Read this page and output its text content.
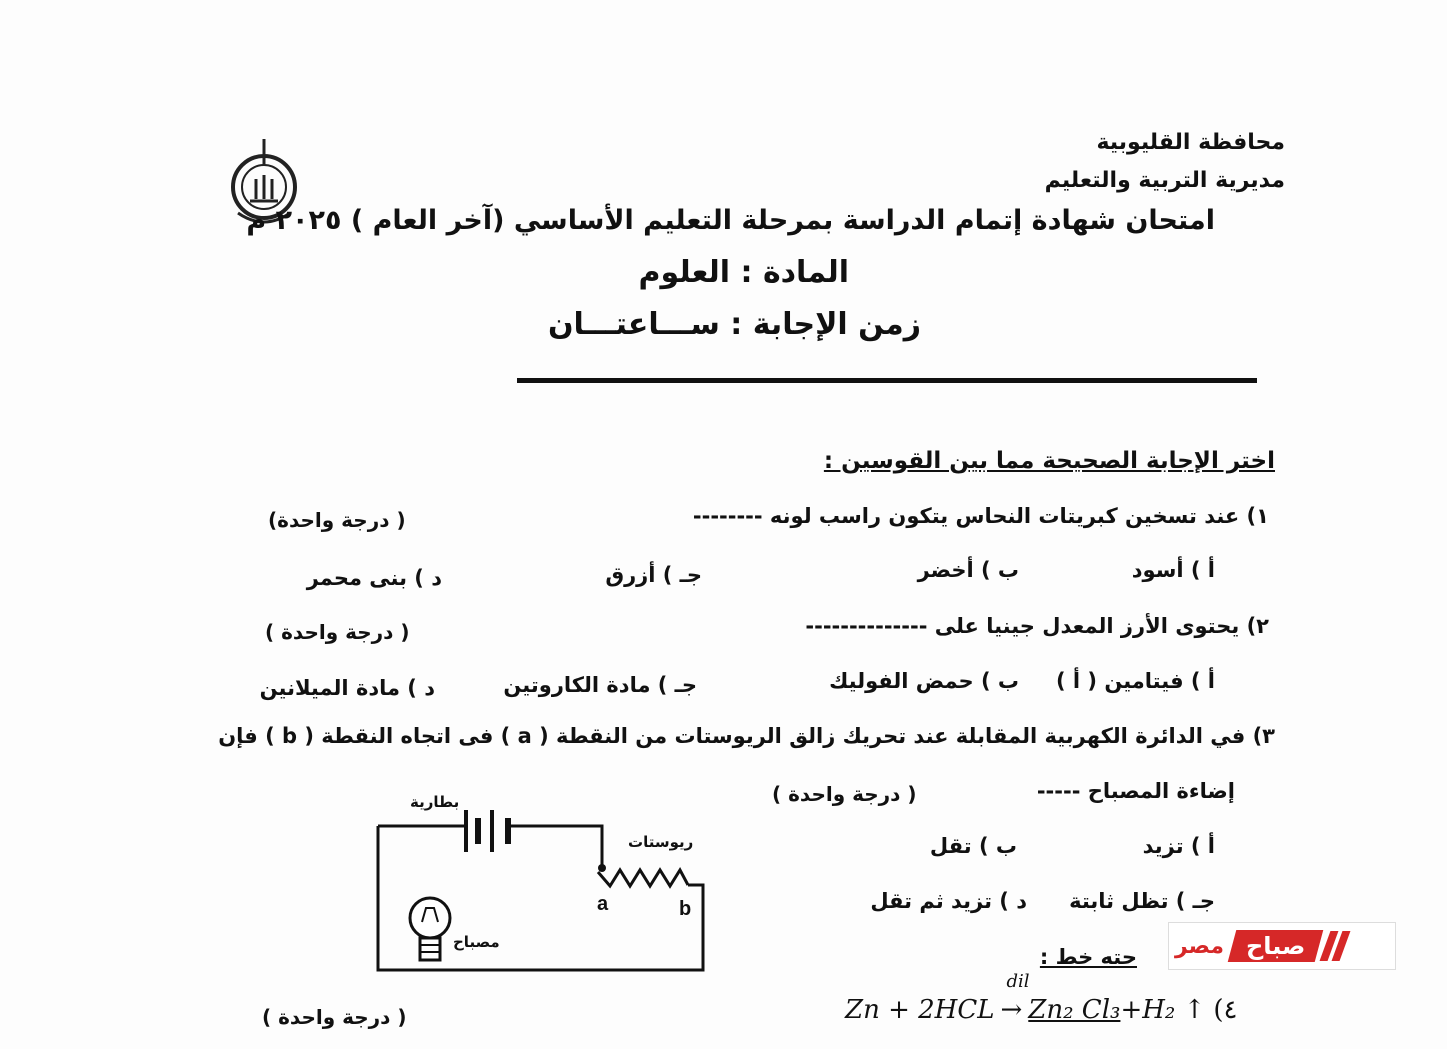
محافظة القليوبية
مديرية التربية والتعليم
امتحان شهادة إتمام الدراسة بمرحلة التعليم الأساسي (آخر العام ) ٢٠٢٥ م
المادة : العلوم
زمن الإجابة : ســـاعتـــان
اختر الإجابة الصحيحة مما بين القوسين :
١) عند تسخين كبريتات النحاس يتكون راسب لونه --------
( درجة واحدة)
أ ) أسود
ب ) أخضر
جـ ) أزرق
د ) بنى محمر
٢) يحتوى الأرز المعدل جينيا على --------------
( درجة واحدة )
أ ) فيتامين ( أ )
ب ) حمض الفوليك
جـ ) مادة الكاروتين
د ) مادة الميلانين
٣) في الدائرة الكهربية المقابلة عند تحريك زالق الريوستات من النقطة ( a ) فى اتجاه النقطة ( b ) فإن
إضاءة المصباح -----
( درجة واحدة )
أ ) تزيد
ب ) تقل
جـ ) تظل ثابتة
د ) تزيد ثم تقل
بطارية
ريوستات
مصباح
a	b
حته خط :
Zn + 2HCL
dil
→ Zn₂ Cl₃ +H₂ ↑ (٤
( درجة واحدة )
مصر صباح
